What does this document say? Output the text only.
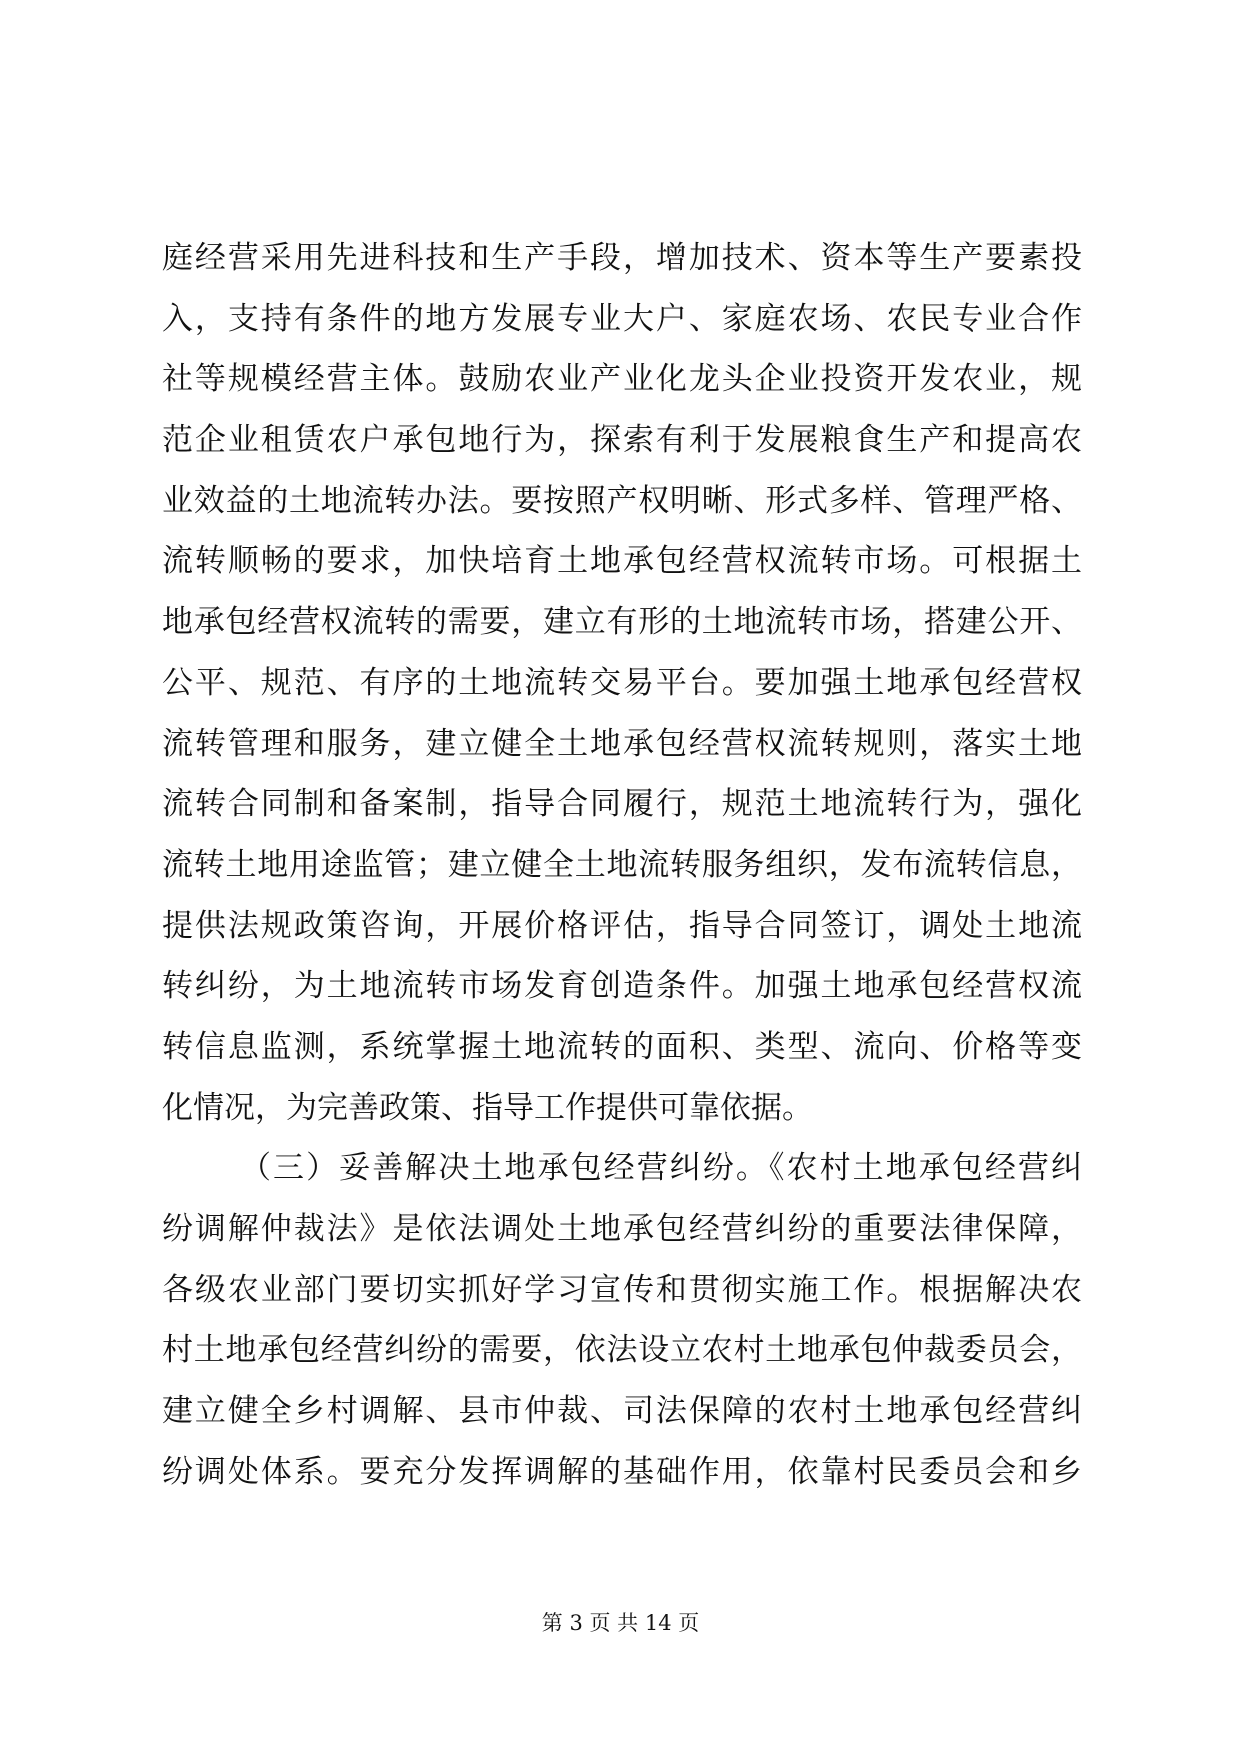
庭经营采用先进科技和生产手段，增加技术、资本等生产要素投
入，支持有条件的地方发展专业大户、家庭农场、农民专业合作
社等规模经营主体。鼓励农业产业化龙头企业投资开发农业，规
范企业租赁农户承包地行为，探索有利于发展粮食生产和提高农
业效益的土地流转办法。要按照产权明晰、形式多样、管理严格、
流转顺畅的要求，加快培育土地承包经营权流转市场。可根据土
地承包经营权流转的需要，建立有形的土地流转市场，搭建公开、
公平、规范、有序的土地流转交易平台。要加强土地承包经营权
流转管理和服务，建立健全土地承包经营权流转规则，落实土地
流转合同制和备案制，指导合同履行，规范土地流转行为，强化
流转土地用途监管；建立健全土地流转服务组织，发布流转信息，
提供法规政策咨询，开展价格评估，指导合同签订，调处土地流
转纠纷，为土地流转市场发育创造条件。加强土地承包经营权流
转信息监测，系统掌握土地流转的面积、类型、流向、价格等变
化情况，为完善政策、指导工作提供可靠依据。
（三）妥善解决土地承包经营纠纷。《农村土地承包经营纠
纷调解仲裁法》是依法调处土地承包经营纠纷的重要法律保障，
各级农业部门要切实抓好学习宣传和贯彻实施工作。根据解决农
村土地承包经营纠纷的需要，依法设立农村土地承包仲裁委员会，
建立健全乡村调解、县市仲裁、司法保障的农村土地承包经营纠
纷调处体系。要充分发挥调解的基础作用，依靠村民委员会和乡
第 3 页 共 14 页
